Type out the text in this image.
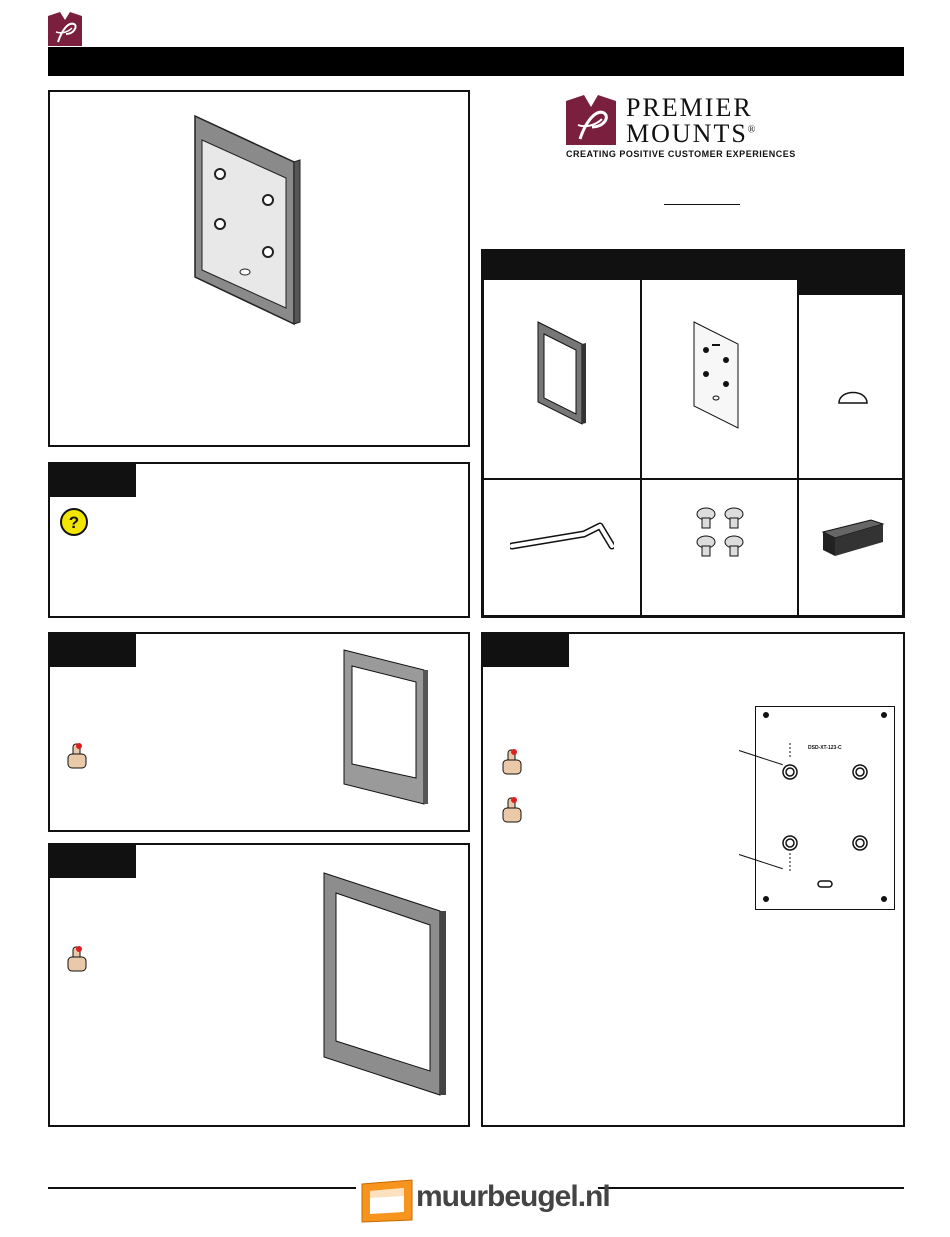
?
PREMIER
MOUNTS®
CREATING POSITIVE CUSTOMER EXPERIENCES
DSD-XT-123-C
muurbeugel.nl
